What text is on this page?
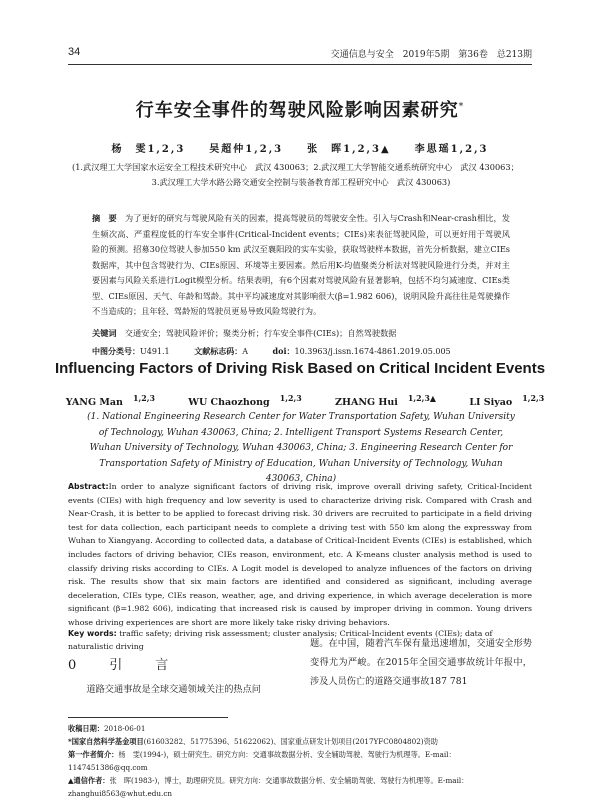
34	交通信息与安全　2019年5期　第36卷　总213期
行车安全事件的驾驶风险影响因素研究*
杨　雯1,2,3　　吴超仲1,2,3　　张　晖1,2,3▲　　李思瑶1,2,3
(1.武汉理工大学国家水运安全工程技术研究中心　武汉 430063；2.武汉理工大学智能交通系统研究中心　武汉 430063；
3.武汉理工大学水路公路交通安全控制与装备教育部工程研究中心　武汉 430063)
摘　要　 为了更好的研究与驾驶风险有关的因素，提高驾驶员的驾驶安全性。引入与Crash和Near-crash相比，发生频次高、严重程度低的行车安全事件(Critical-Incident events；CIEs)来表征驾驶风险，可以更好用于驾驶风险的预测。招募30位驾驶人参加550 km 武汉至襄阳段的实车实验，获取驾驶样本数据，首先分析数据，建立CIEs数据库，其中包含驾驶行为、CIEs原因、环境等主要因素。然后用K-均值聚类分析法对驾驶风险进行分类，并对主要因素与风险关系进行Logit模型分析。结果表明，有6个因素对驾驶风险有显著影响，包括不均匀减速度、CIEs类型、CIEs原因、天气、年龄和驾龄。其中平均减速度对其影响很大(β=1.982 606)，说明风险升高往往是驾驶操作不当造成的；且年轻、驾龄短的驾驶员更易导致风险驾驶行为。
关键词　 交通安全；驾驶风险评价；聚类分析；行车安全事件(CIEs)；自然驾驶数据
中图分类号：U491.1	文献标志码：A	doi：10.3963/j.issn.1674-4861.2019.05.005
Influencing Factors of Driving Risk Based on Critical Incident Events
YANG Man $^{1,2,3}$	WU Chaozhong $^{1,2,3}$	ZHANG Hui $^{1,2,3▲}$	LI Siyao $^{1,2,3}$
(1. National Engineering Research Center for Water Transportation Safety, Wuhan University of Technology, Wuhan 430063, China; 2. Intelligent Transport Systems Research Center, Wuhan University of Technology, Wuhan 430063, China; 3. Engineering Research Center for Transportation Safety of Ministry of Education, Wuhan University of Technology, Wuhan 430063, China)
Abstract:In order to analyze significant factors of driving risk, improve overall driving safety, Critical-Incident events (CIEs) with high frequency and low severity is used to characterize driving risk. Compared with Crash and Near-Crash, it is better to be applied to forecast driving risk. 30 drivers are recruited to participate in a field driving test for data collection, each participant needs to complete a driving test with 550 km along the expressway from Wuhan to Xiangyang. According to collected data, a database of Critical-Incident Events (CIEs) is established, which includes factors of driving behavior, CIEs reason, environment, etc. A K-means cluster analysis method is used to classify driving risks according to CIEs. A Logit model is developed to analyze influences of the factors on driving risk. The results show that six main factors are identified and considered as significant, including average deceleration, CIEs type, CIEs reason, weather, age, and driving experience, in which average deceleration is more significant (β=1.982 606), indicating that increased risk is caused by improper driving in common. Young drivers whose driving experiences are short are more likely take risky driving behaviors.
Key words: traffic safety; driving risk assessment; cluster analysis; Critical-Incident events (CIEs); data of naturalistic driving
0　引　言
道路交通事故是全球交通领域关注的热点问
题。在中国，随着汽车保有量迅速增加，交通安全形势变得尤为严峻。在2015年全国交通事故统计年报中，涉及人员伤亡的道路交通事故187 781
收稿日期：2018-06-01
*国家自然科学基金项目(61603282、51775396、51622062)、国家重点研发计划项目(2017YFC0804802)资助
第一作者简介：杨　雯(1994-)，硕士研究生。研究方向：交通事故数据分析、安全辅助驾驶、驾驶行为机理等。E-mail：1147451386@qq.com
▲通信作者：张　晖(1983-)，博士，助理研究员。研究方向：交通事故数据分析、安全辅助驾驶、驾驶行为机理等。E-mail：zhanghui8563@whut.edu.cn
